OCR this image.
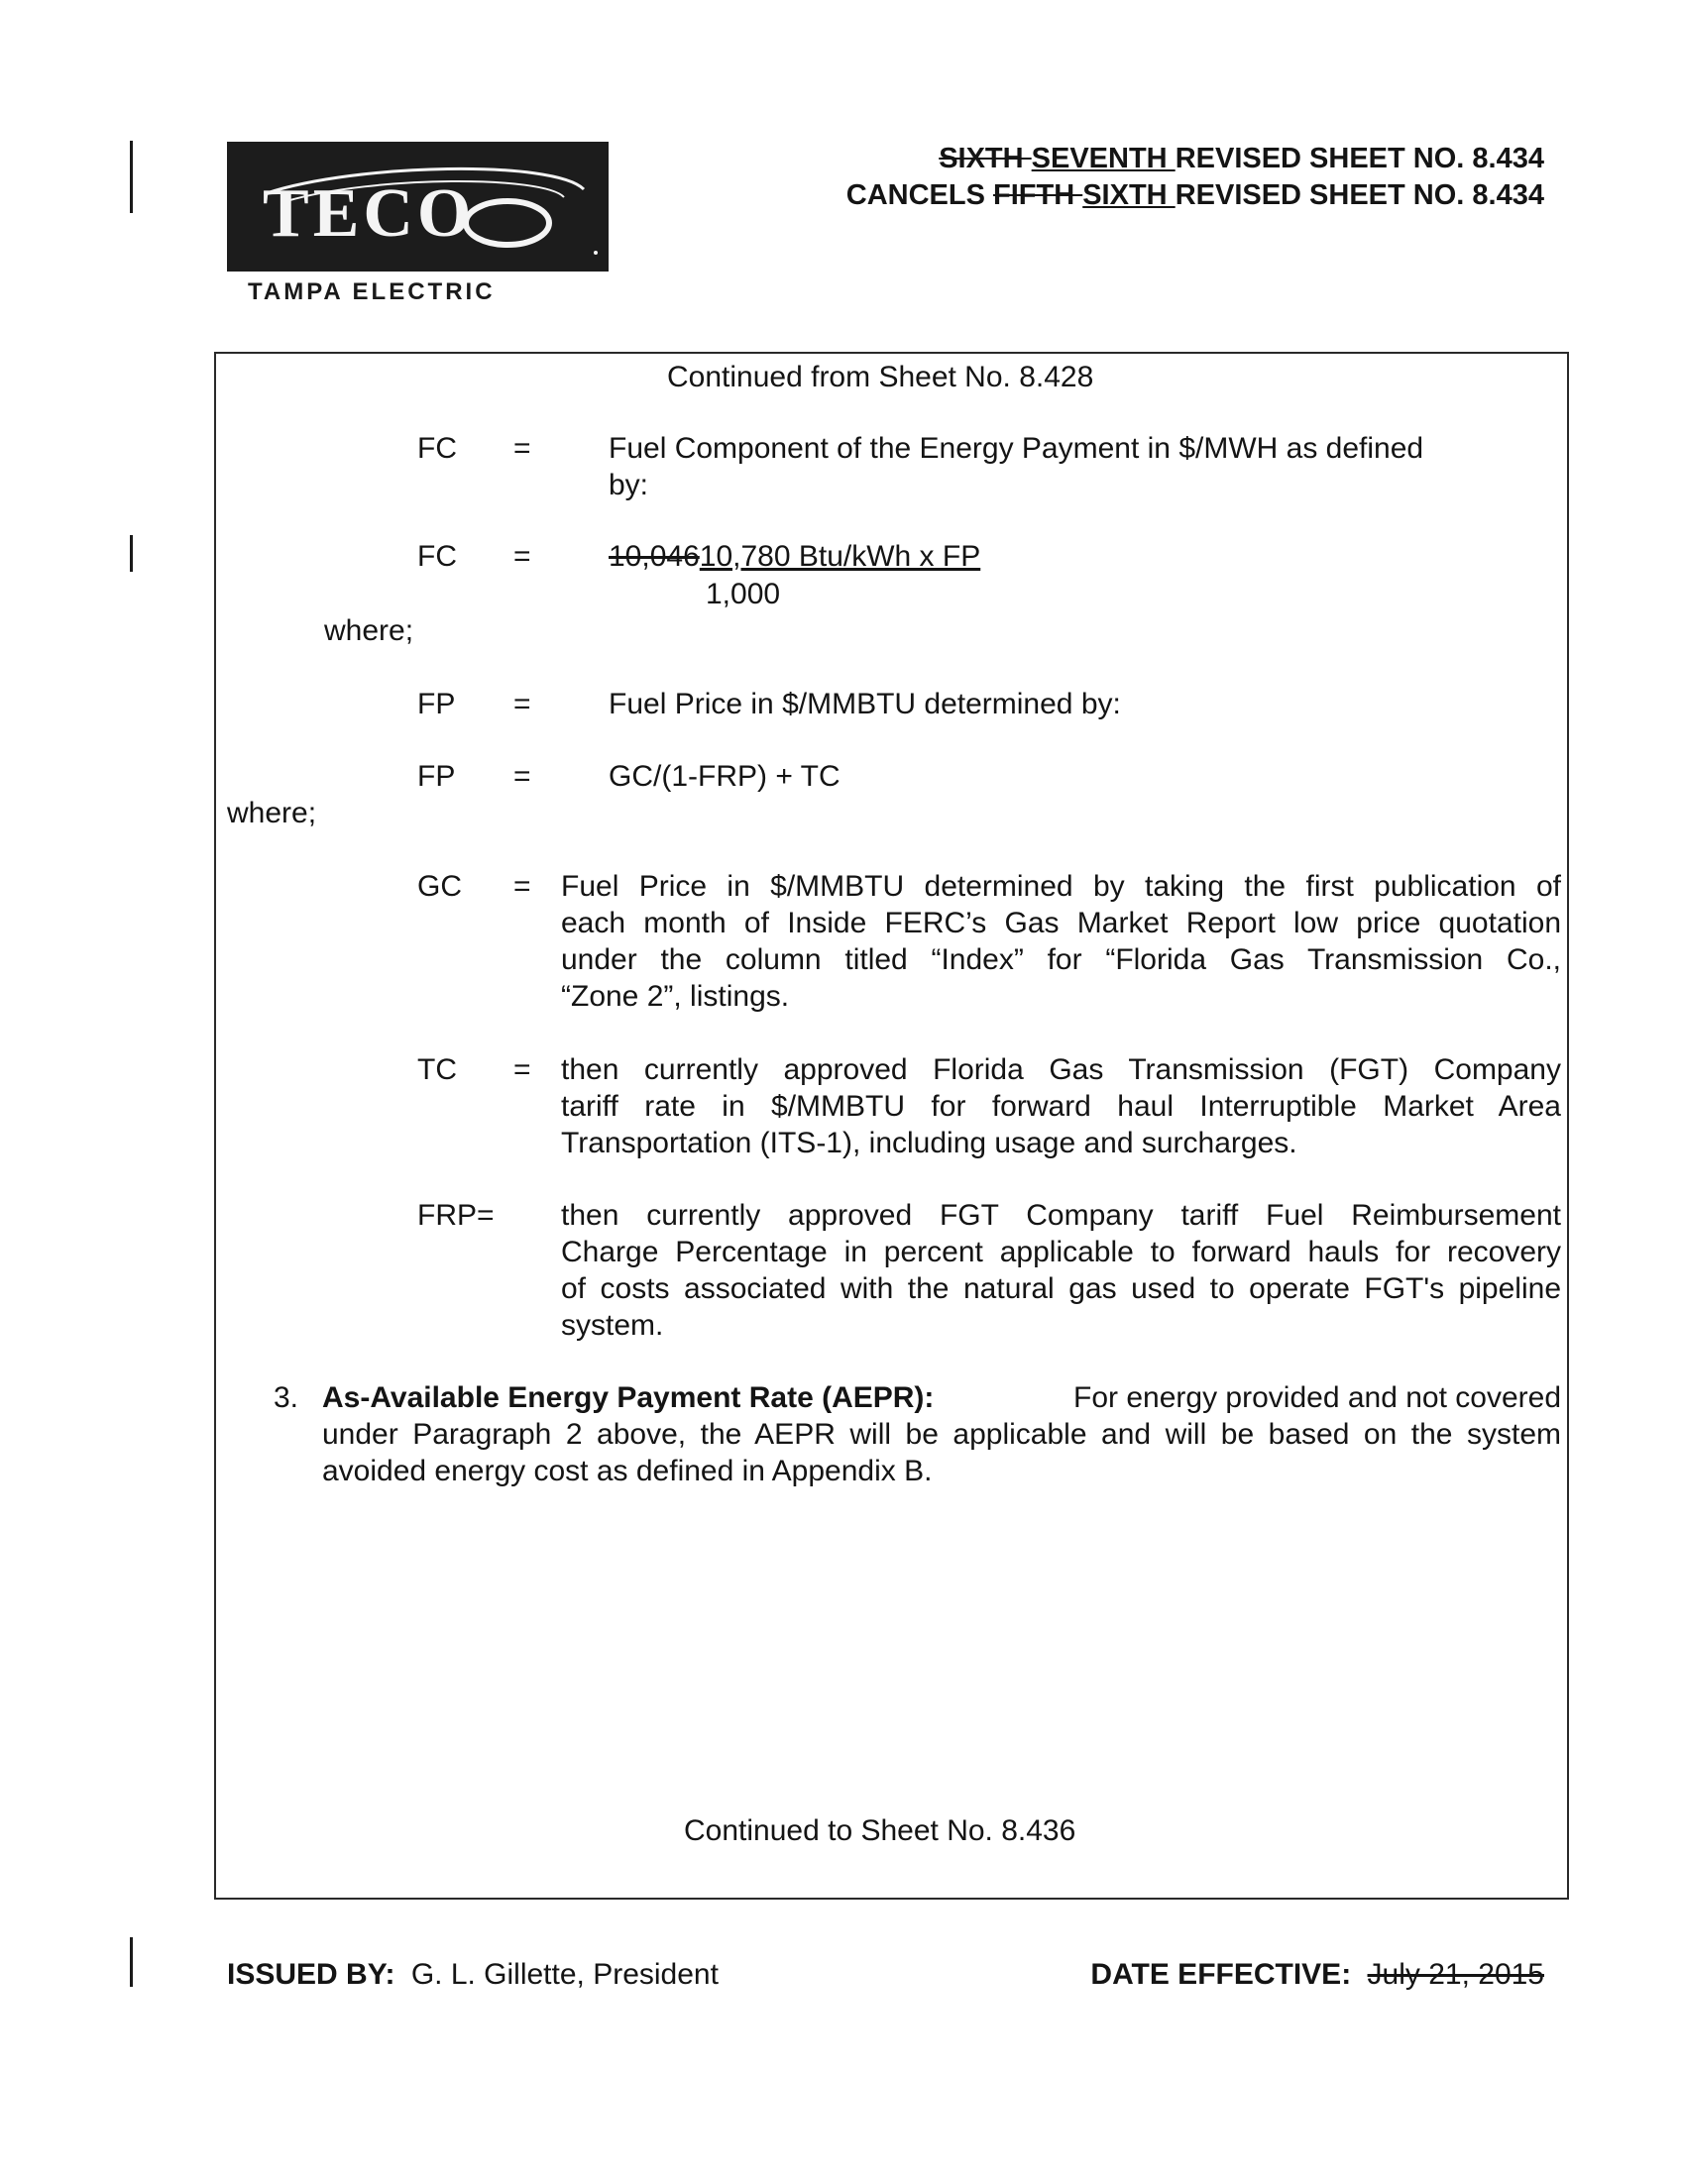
TECO
TAMPA ELECTRIC
SIXTH SEVENTH REVISED SHEET NO. 8.434
CANCELS FIFTH SIXTH REVISED SHEET NO. 8.434
Continued from Sheet No. 8.428
FC =	Fuel Component of the Energy Payment in $/MWH as defined
by:
FC =	10,04610,780 Btu/kWh x FP
1,000
where;
FP =	Fuel Price in $/MMBTU determined by:
FP =	GC/(1-FRP) + TC
where;
GC = Fuel Price in $/MMBTU determined by taking the first publication of
each month of Inside FERC’s Gas Market Report low price quotation
under the column titled “Index” for “Florida Gas Transmission Co.,
“Zone 2”, listings.
TC = then currently approved Florida Gas Transmission (FGT) Company
tariff rate in $/MMBTU for forward haul Interruptible Market Area
Transportation (ITS-1), including usage and surcharges.
FRP= then currently approved FGT Company tariff Fuel Reimbursement
Charge Percentage in percent applicable to forward hauls for recovery
of costs associated with the natural gas used to operate FGT's pipeline
system.
3. As-Available Energy Payment Rate (AEPR):	For energy provided and not covered
under Paragraph 2 above, the AEPR will be applicable and will be based on the system
avoided energy cost as defined in Appendix B.
Continued to Sheet No. 8.436
ISSUED BY: G. L. Gillette, President	DATE EFFECTIVE: July 21, 2015
